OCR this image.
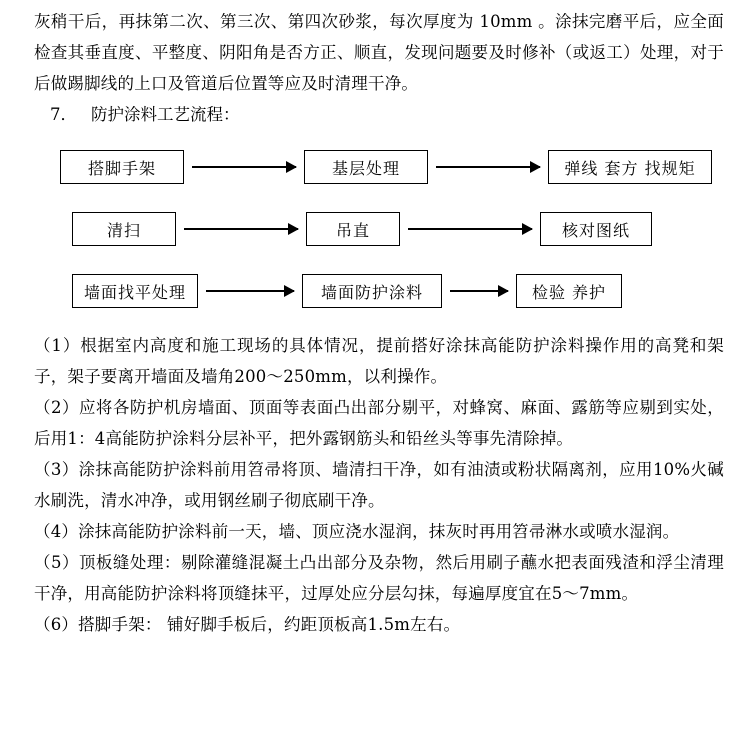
灰稍干后，再抹第二次、第三次、第四次砂浆，每次厚度为 10mm 。涂抹完磨平后，应全面检查其垂直度、平整度、阴阳角是否方正、顺直，发现问题要及时修补（或返工）处理，对于后做踢脚线的上口及管道后位置等应及时清理干净。

7． 防护涂料工艺流程：
搭脚手架	基层处理	弹线 套方 找规矩
清扫	吊直	核对图纸
墙面找平处理	墙面防护涂料	检验 养护

（1）根据室内高度和施工现场的具体情况，提前搭好涂抹高能防护涂料操作用的高凳和架子，架子要离开墙面及墙角200～250mm，以利操作。

（2）应将各防护机房墙面、顶面等表面凸出部分剔平，对蜂窝、麻面、露筋等应剔到实处，后用1：4高能防护涂料分层补平，把外露钢筋头和铅丝头等事先清除掉。

（3）涂抹高能防护涂料前用笤帚将顶、墙清扫干净，如有油渍或粉状隔离剂，应用10%火碱水刷洗，清水冲净，或用钢丝刷子彻底刷干净。

（4）涂抹高能防护涂料前一天，墙、顶应浇水湿润，抹灰时再用笤帚淋水或喷水湿润。

（5）顶板缝处理：剔除灌缝混凝土凸出部分及杂物，然后用刷子蘸水把表面残渣和浮尘清理干净，用高能防护涂料将顶缝抹平，过厚处应分层勾抹，每遍厚度宜在5～7mm。

（6）搭脚手架： 铺好脚手板后，约距顶板高1.5m左右。
